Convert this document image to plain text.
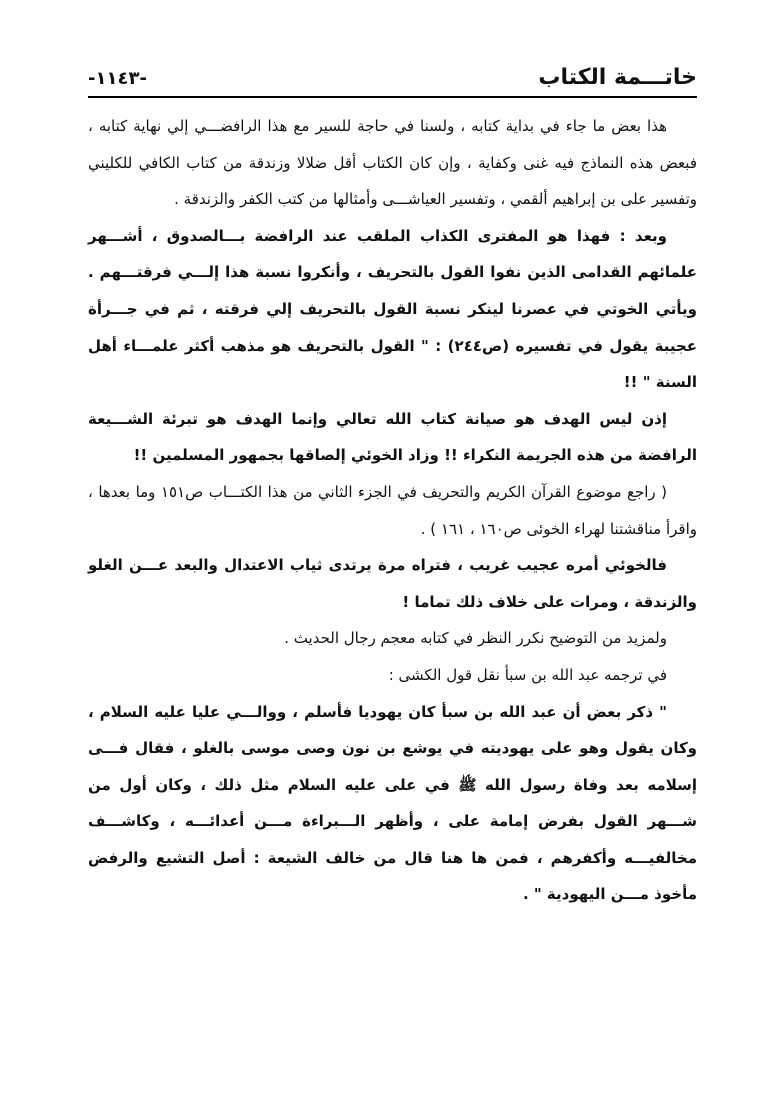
خاتـــمة الكتاب
-١١٤٣-

هذا بعض ما جاء في بداية كتابه ، ولسنا في حاجة للسير مع هذا الرافضـــي إلي نهاية كتابه ، فبعض هذه النماذج فيه غنى وكفاية ، وإن كان الكتاب أقل ضلالا وزندقة من كتاب الكافي للكليني وتفسير على بن إبراهيم ألقمي ، وتفسير العياشـــى وأمثالها من كتب الكفر والزندقة .

وبعد : فهذا هو المفترى الكذاب الملقب عند الرافضة بـــالصدوق ، أشـــهر علمائهم القدامى الذين نفوا القول بالتحريف ، وأنكروا نسبة هذا إلـــي فرقتـــهم . ويأتي الخوتي في عصرنا لينكر نسبة القول بالتحريف إلي فرقته ، ثم في جـــرأة عجيبة يقول في تفسيره (ص٢٤٤) : " القول بالتحريف هو مذهب أكثر علمـــاء أهل السنة " !!

إذن ليس الهدف هو صيانة كتاب الله تعالي وإنما الهدف هو تبرئة الشـــيعة الرافضة من هذه الجريمة النكراء !! وزاد الخوئي إلصاقها بجمهور المسلمين !!

( راجع موضوع القرآن الكريم والتحريف في الجزء الثاني من هذا الكتـــاب ص١٥١ وما بعدها ، واقرأ مناقشتنا لهراء الخوئى ص١٦٠ ، ١٦١ ) .

فالخوئي أمره عجيب غريب ، فتراه مرة يرتدى ثياب الاعتدال والبعد عـــن الغلو والزندقة ، ومرات على خلاف ذلك تماما !

ولمزيد من التوضيح نكرر النظر في كتابه معجم رجال الحديث .

في ترجمه عبد الله بن سبأ نقل قول الكشى :

" ذكر بعض أن عبد الله بن سبأ كان يهوديا فأسلم ، ووالـــي عليا عليه السلام ، وكان يقول وهو على يهوديته في يوشع بن نون وصى موسى بالغلو ، فقال فـــى إسلامه بعد وفاة رسول الله ﷺ في على عليه السلام مثل ذلك ، وكان أول من شـــهر القول بفرض إمامة على ، وأظهر الـــبراءة مـــن أعدائـــه ، وكاشـــف مخالفيـــه وأكفرهم ، فمن ها هنا قال من خالف الشيعة : أصل التشيع والرفض مأخوذ مـــن اليهودية " .
